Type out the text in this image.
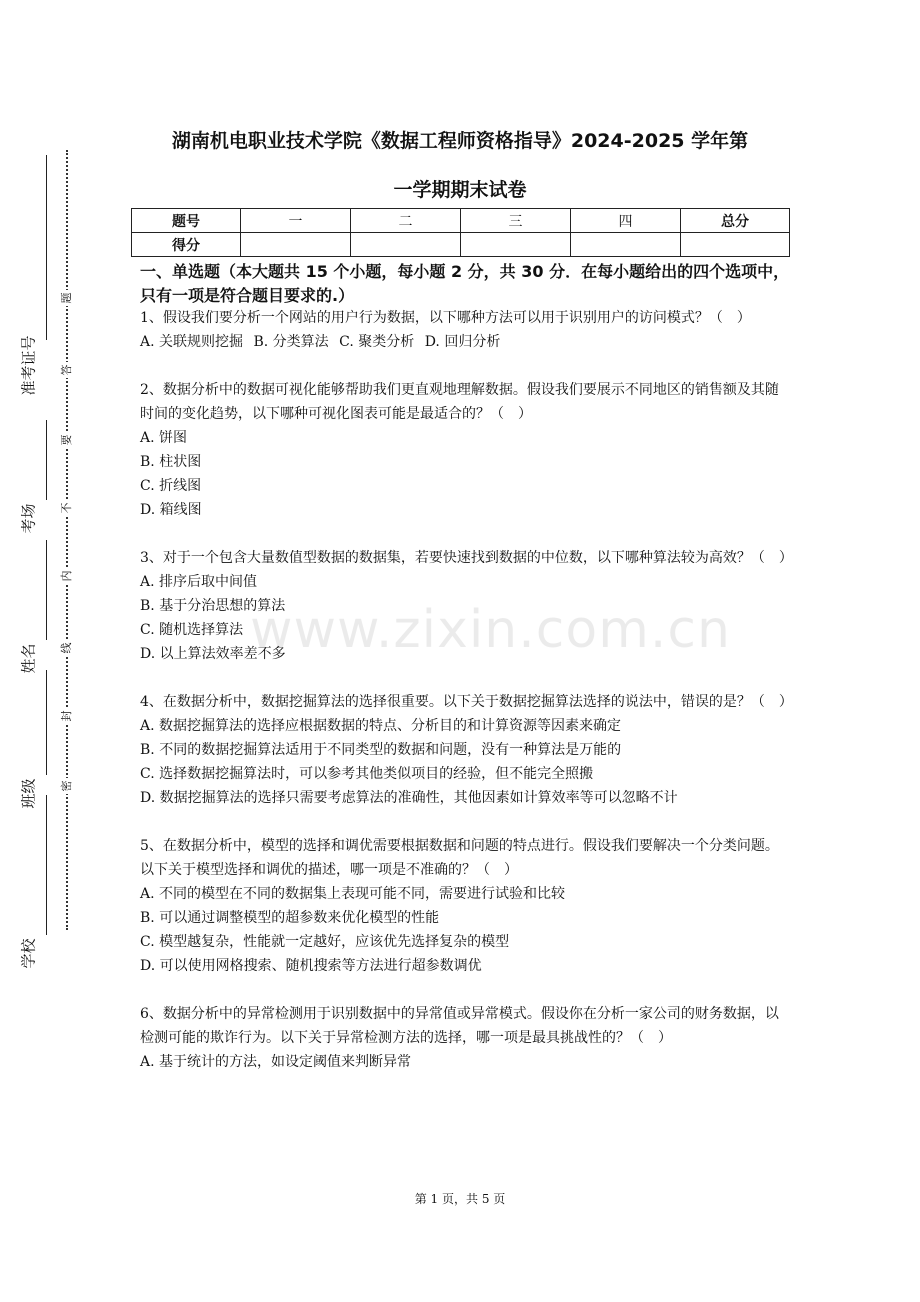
准考证号
考场
姓名
班级
学校
题
答
要
不
内
线
封
密
湖南机电职业技术学院《数据工程师资格指导》2024-2025 学年第
一学期期末试卷
题号	一	二	三	四	总分
得分					
一、单选题（本大题共 15 个小题，每小题 2 分，共 30 分．在每小题给出的四个选项中，只有一项是符合题目要求的.）

1、假设我们要分析一个网站的用户行为数据，以下哪种方法可以用于识别用户的访问模式？（　）

A. 关联规则挖掘 B. 分类算法 C. 聚类分析 D. 回归分析

2、数据分析中的数据可视化能够帮助我们更直观地理解数据。假设我们要展示不同地区的销售额及其随时间的变化趋势，以下哪种可视化图表可能是最适合的？（　）

A. 饼图

B. 柱状图

C. 折线图

D. 箱线图

3、对于一个包含大量数值型数据的数据集，若要快速找到数据的中位数，以下哪种算法较为高效？（　）

A. 排序后取中间值

B. 基于分治思想的算法

C. 随机选择算法

D. 以上算法效率差不多

4、在数据分析中，数据挖掘算法的选择很重要。以下关于数据挖掘算法选择的说法中，错误的是？（　）

A. 数据挖掘算法的选择应根据数据的特点、分析目的和计算资源等因素来确定

B. 不同的数据挖掘算法适用于不同类型的数据和问题，没有一种算法是万能的

C. 选择数据挖掘算法时，可以参考其他类似项目的经验，但不能完全照搬

D. 数据挖掘算法的选择只需要考虑算法的准确性，其他因素如计算效率等可以忽略不计

5、在数据分析中，模型的选择和调优需要根据数据和问题的特点进行。假设我们要解决一个分类问题。以下关于模型选择和调优的描述，哪一项是不准确的？（　）

A. 不同的模型在不同的数据集上表现可能不同，需要进行试验和比较

B. 可以通过调整模型的超参数来优化模型的性能

C. 模型越复杂，性能就一定越好，应该优先选择复杂的模型

D. 可以使用网格搜索、随机搜索等方法进行超参数调优

6、数据分析中的异常检测用于识别数据中的异常值或异常模式。假设你在分析一家公司的财务数据，以检测可能的欺诈行为。以下关于异常检测方法的选择，哪一项是最具挑战性的？（　）

A. 基于统计的方法，如设定阈值来判断异常

www.zixin.com.cn
第 1 页，共 5 页
